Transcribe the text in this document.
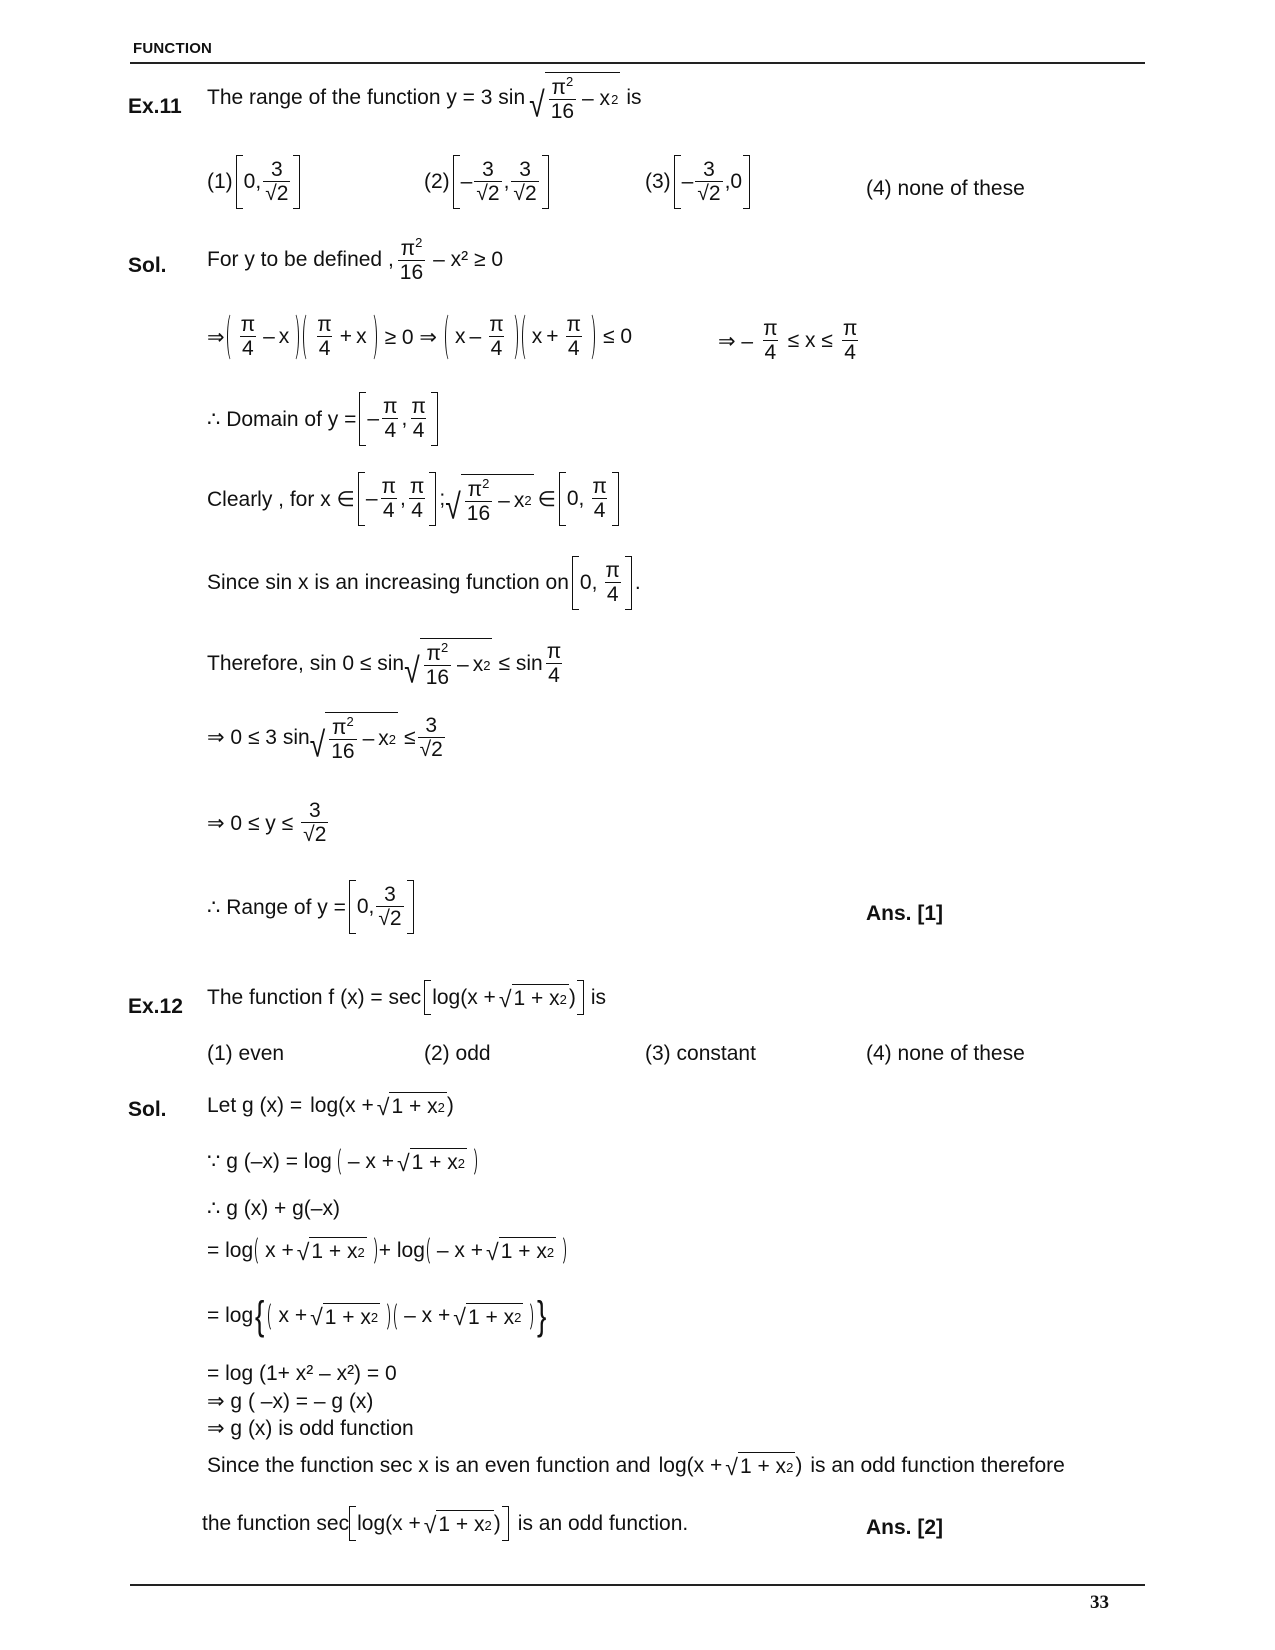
FUNCTION
Ex.11 The range of the function y = 3 sin √ $\frac{\pi^2}{16}$ – x 2 is
(1) 0 , $\frac{3}{√2}$	$(2) - \frac{3}{√2}$ , $\frac{3}{√2}$	$(3) - \frac{3}{√2}$ , 0	(4) none of these
Sol. For y to be defined , $\frac{\pi^2}{16} - x^2 \ge 0$
⇒ $\frac{\pi}{4} - x \frac{\pi}{4} + x \ge 0$ ⇒ x – $\frac{\pi}{4}$ $x + \frac{\pi}{4} \le 0$	⇒ – $\frac{\pi}{4} \le x \le \frac{\pi}{4}$
∴ Domain of y = – $\frac{\pi}{4}$ , $\frac{\pi}{4}$
Clearly , for x ∈ – $\frac{\pi}{4}$ , $\frac{\pi}{4}$ ; √ $\frac{\pi^2}{16}$ – x 2 ∈ 0 , $\frac{\pi}{4}$
Since sin x is an increasing function on 0 , $\frac{\pi}{4}$ .
Therefore, sin 0 ≤ sin √ $\frac{\pi^2}{16}$ – x $2 \le \sin \frac{\pi}{4}$
⇒ 0 ≤ 3 sin √ $\frac{\pi^2}{16}$ – x $2 \le \frac{3}{√2}$
⇒ $0 \le y \le \frac{3}{√2}$
∴ Range of y = 0 , $\frac{3}{√2}$	Ans. [1]
Ex.12 The function f (x) = sec log(x + √ 1 + x 2 ) is
(1) even	(2) odd	(3) constant	(4) none of these
Sol. Let g (x) = log(x + √ 1 + x 2 )
∵ g (–x) = log – x + √ 1 + x 2
∴ g (x) + g(–x)
= log x + √ 1 + x 2 + log – x + √ 1 + x 2
= log { x + √ 1 + x 2 – x + √ 1 + x 2 }
= log (1+ x² – x²) = 0
⇒ g ( –x) = – g (x)
⇒ g (x) is odd function
Since the function sec x is an even function and log(x + √ 1 + x 2 ) is an odd function therefore
the function sec log(x + √ 1 + x 2 ) is an odd function.	Ans. [2]
33
